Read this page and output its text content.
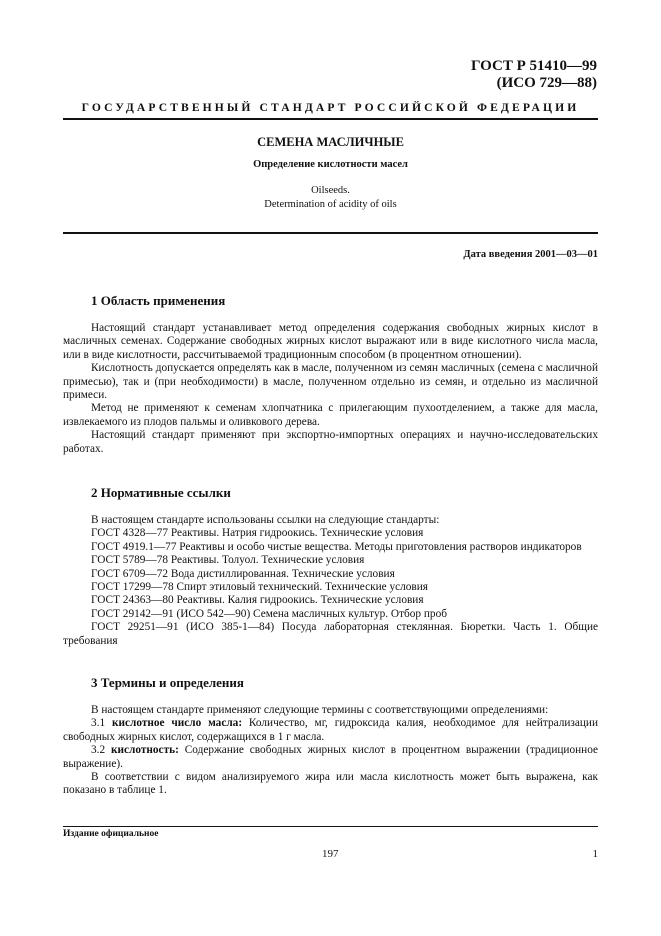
ГОСТ Р 51410—99
(ИСО 729—88)
ГОСУДАРСТВЕННЫЙ СТАНДАРТ РОССИЙСКОЙ ФЕДЕРАЦИИ
СЕМЕНА МАСЛИЧНЫЕ
Определение кислотности масел
Oilseeds.
Determination of acidity of oils
Дата введения 2001—03—01
1 Область применения
Настоящий стандарт устанавливает метод определения содержания свободных жирных кислот в масличных семенах. Содержание свободных жирных кислот выражают или в виде кислотного числа масла, или в виде кислотности, рассчитываемой традиционным способом (в процентном отношении).
Кислотность допускается определять как в масле, полученном из семян масличных (семена с масличной примесью), так и (при необходимости) в масле, полученном отдельно из семян, и отдельно из масличной примеси.
Метод не применяют к семенам хлопчатника с прилегающим пухоотделением, а также для масла, извлекаемого из плодов пальмы и оливкового дерева.
Настоящий стандарт применяют при экспортно-импортных операциях и научно-исследовательских работах.
2 Нормативные ссылки
В настоящем стандарте использованы ссылки на следующие стандарты:
ГОСТ 4328—77 Реактивы. Натрия гидроокись. Технические условия
ГОСТ 4919.1—77 Реактивы и особо чистые вещества. Методы приготовления растворов индикаторов
ГОСТ 5789—78 Реактивы. Толуол. Технические условия
ГОСТ 6709—72 Вода дистиллированная. Технические условия
ГОСТ 17299—78 Спирт этиловый технический. Технические условия
ГОСТ 24363—80 Реактивы. Калия гидроокись. Технические условия
ГОСТ 29142—91 (ИСО 542—90) Семена масличных культур. Отбор проб
ГОСТ 29251—91 (ИСО 385-1—84) Посуда лабораторная стеклянная. Бюретки. Часть 1. Общие требования
3 Термины и определения
В настоящем стандарте применяют следующие термины с соответствующими определениями:
3.1 кислотное число масла: Количество, мг, гидроксида калия, необходимое для нейтрализации свободных жирных кислот, содержащихся в 1 г масла.
3.2 кислотность: Содержание свободных жирных кислот в процентном выражении (традиционное выражение).
В соответствии с видом анализируемого жира или масла кислотность может быть выражена, как показано в таблице 1.
Издание официальное
197	1
